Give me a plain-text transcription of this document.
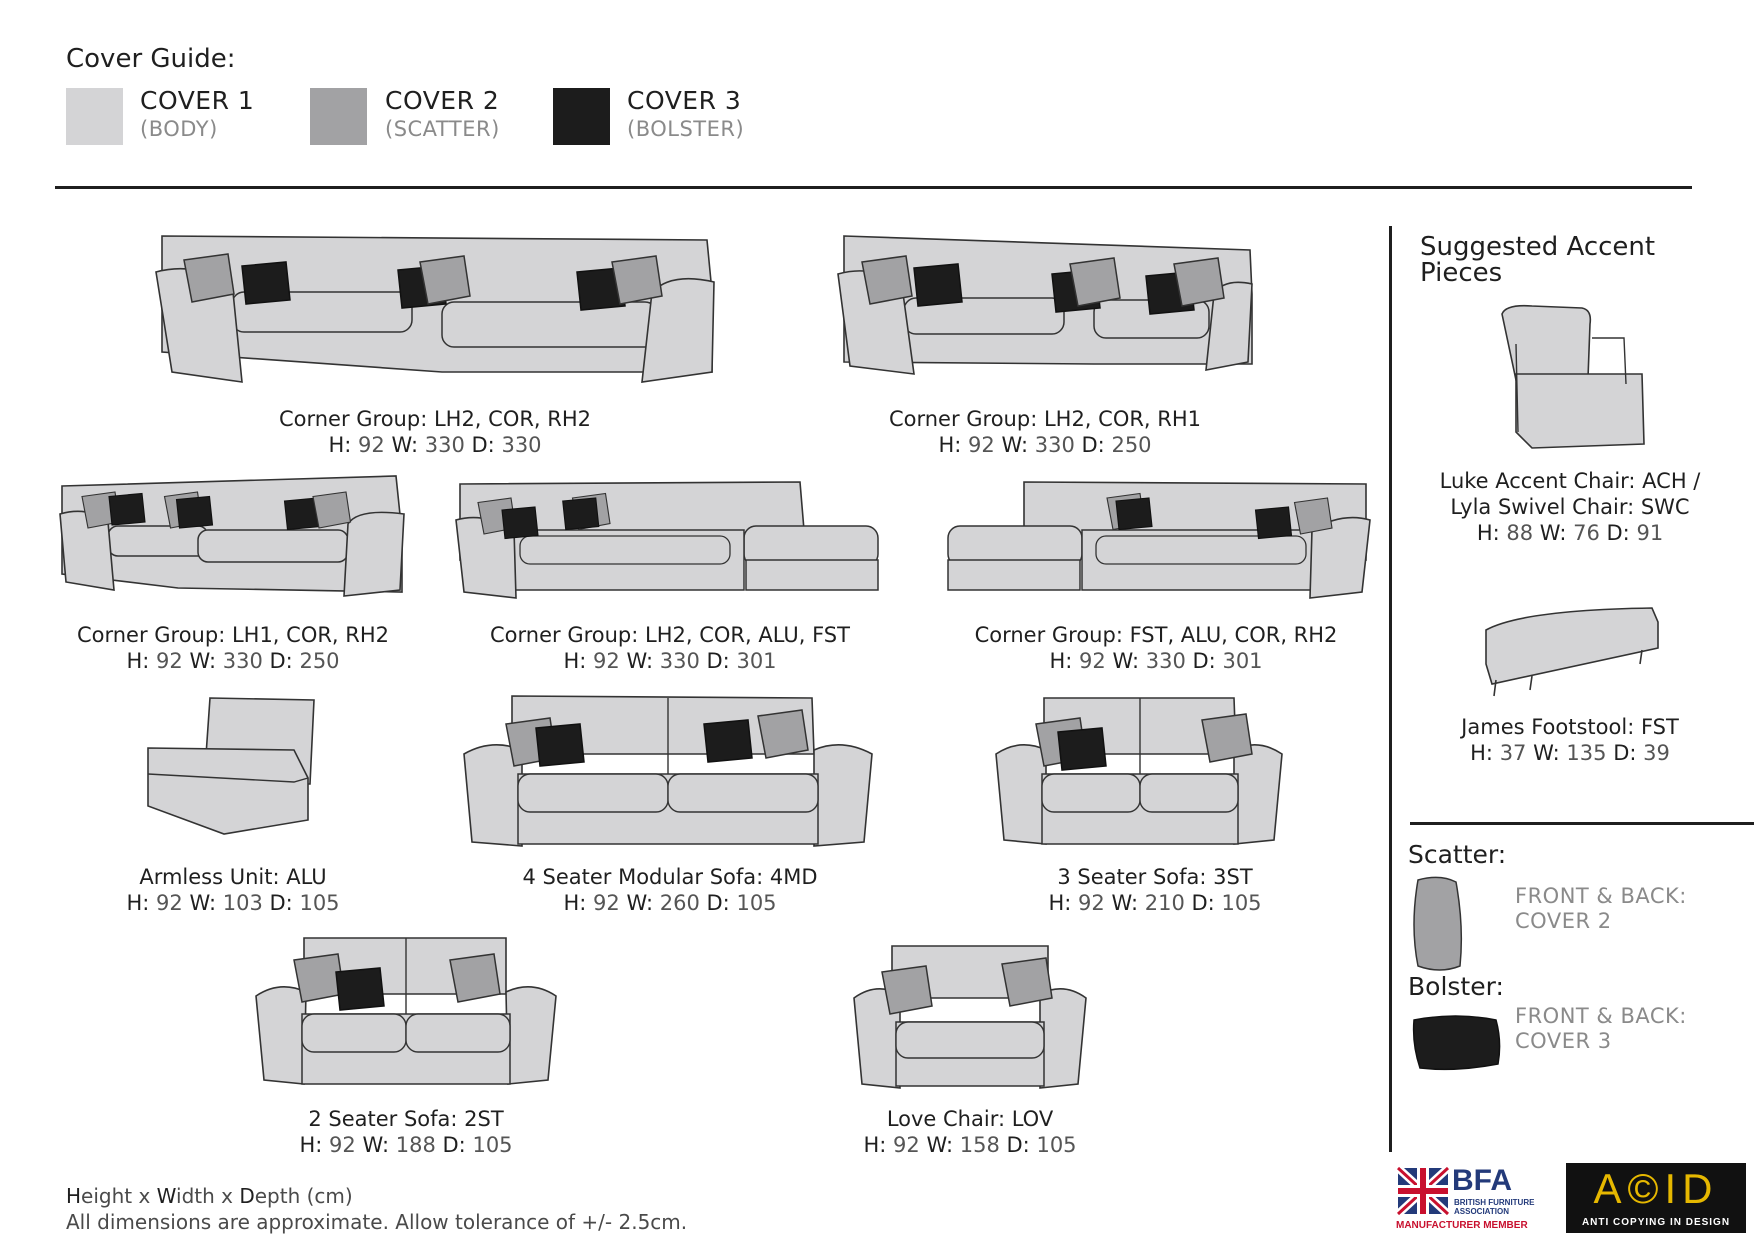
Cover Guide:
COVER 1
(BODY)
COVER 2
(SCATTER)
COVER 3
(BOLSTER)
Corner Group: LH2, COR, RH2
H: 92 W: 330 D: 330
Corner Group: LH2, COR, RH1
H: 92 W: 330 D: 250
Corner Group: LH1, COR, RH2
H: 92 W: 330 D: 250
Corner Group: LH2, COR, ALU, FST
H: 92 W: 330 D: 301
Corner Group: FST, ALU, COR, RH2
H: 92 W: 330 D: 301
Armless Unit: ALU
H: 92 W: 103 D: 105
4 Seater Modular Sofa: 4MD
H: 92 W: 260 D: 105
3 Seater Sofa: 3ST
H: 92 W: 210 D: 105
2 Seater Sofa: 2ST
H: 92 W: 188 D: 105
Love Chair: LOV
H: 92 W: 158 D: 105
Suggested Accent Pieces
Luke Accent Chair: ACH /
Lyla Swivel Chair: SWC
H: 88 W: 76 D: 91
James Footstool: FST
H: 37 W: 135 D: 39
Scatter:
FRONT & BACK:
COVER 2
Bolster:
FRONT & BACK:
COVER 3
Height x Width x Depth (cm)
All dimensions are approximate. Allow tolerance of +/- 2.5cm.
BFA
BRITISH FURNITURE
ASSOCIATION
MANUFACTURER MEMBER
A©ID
ANTI COPYING IN DESIGN
